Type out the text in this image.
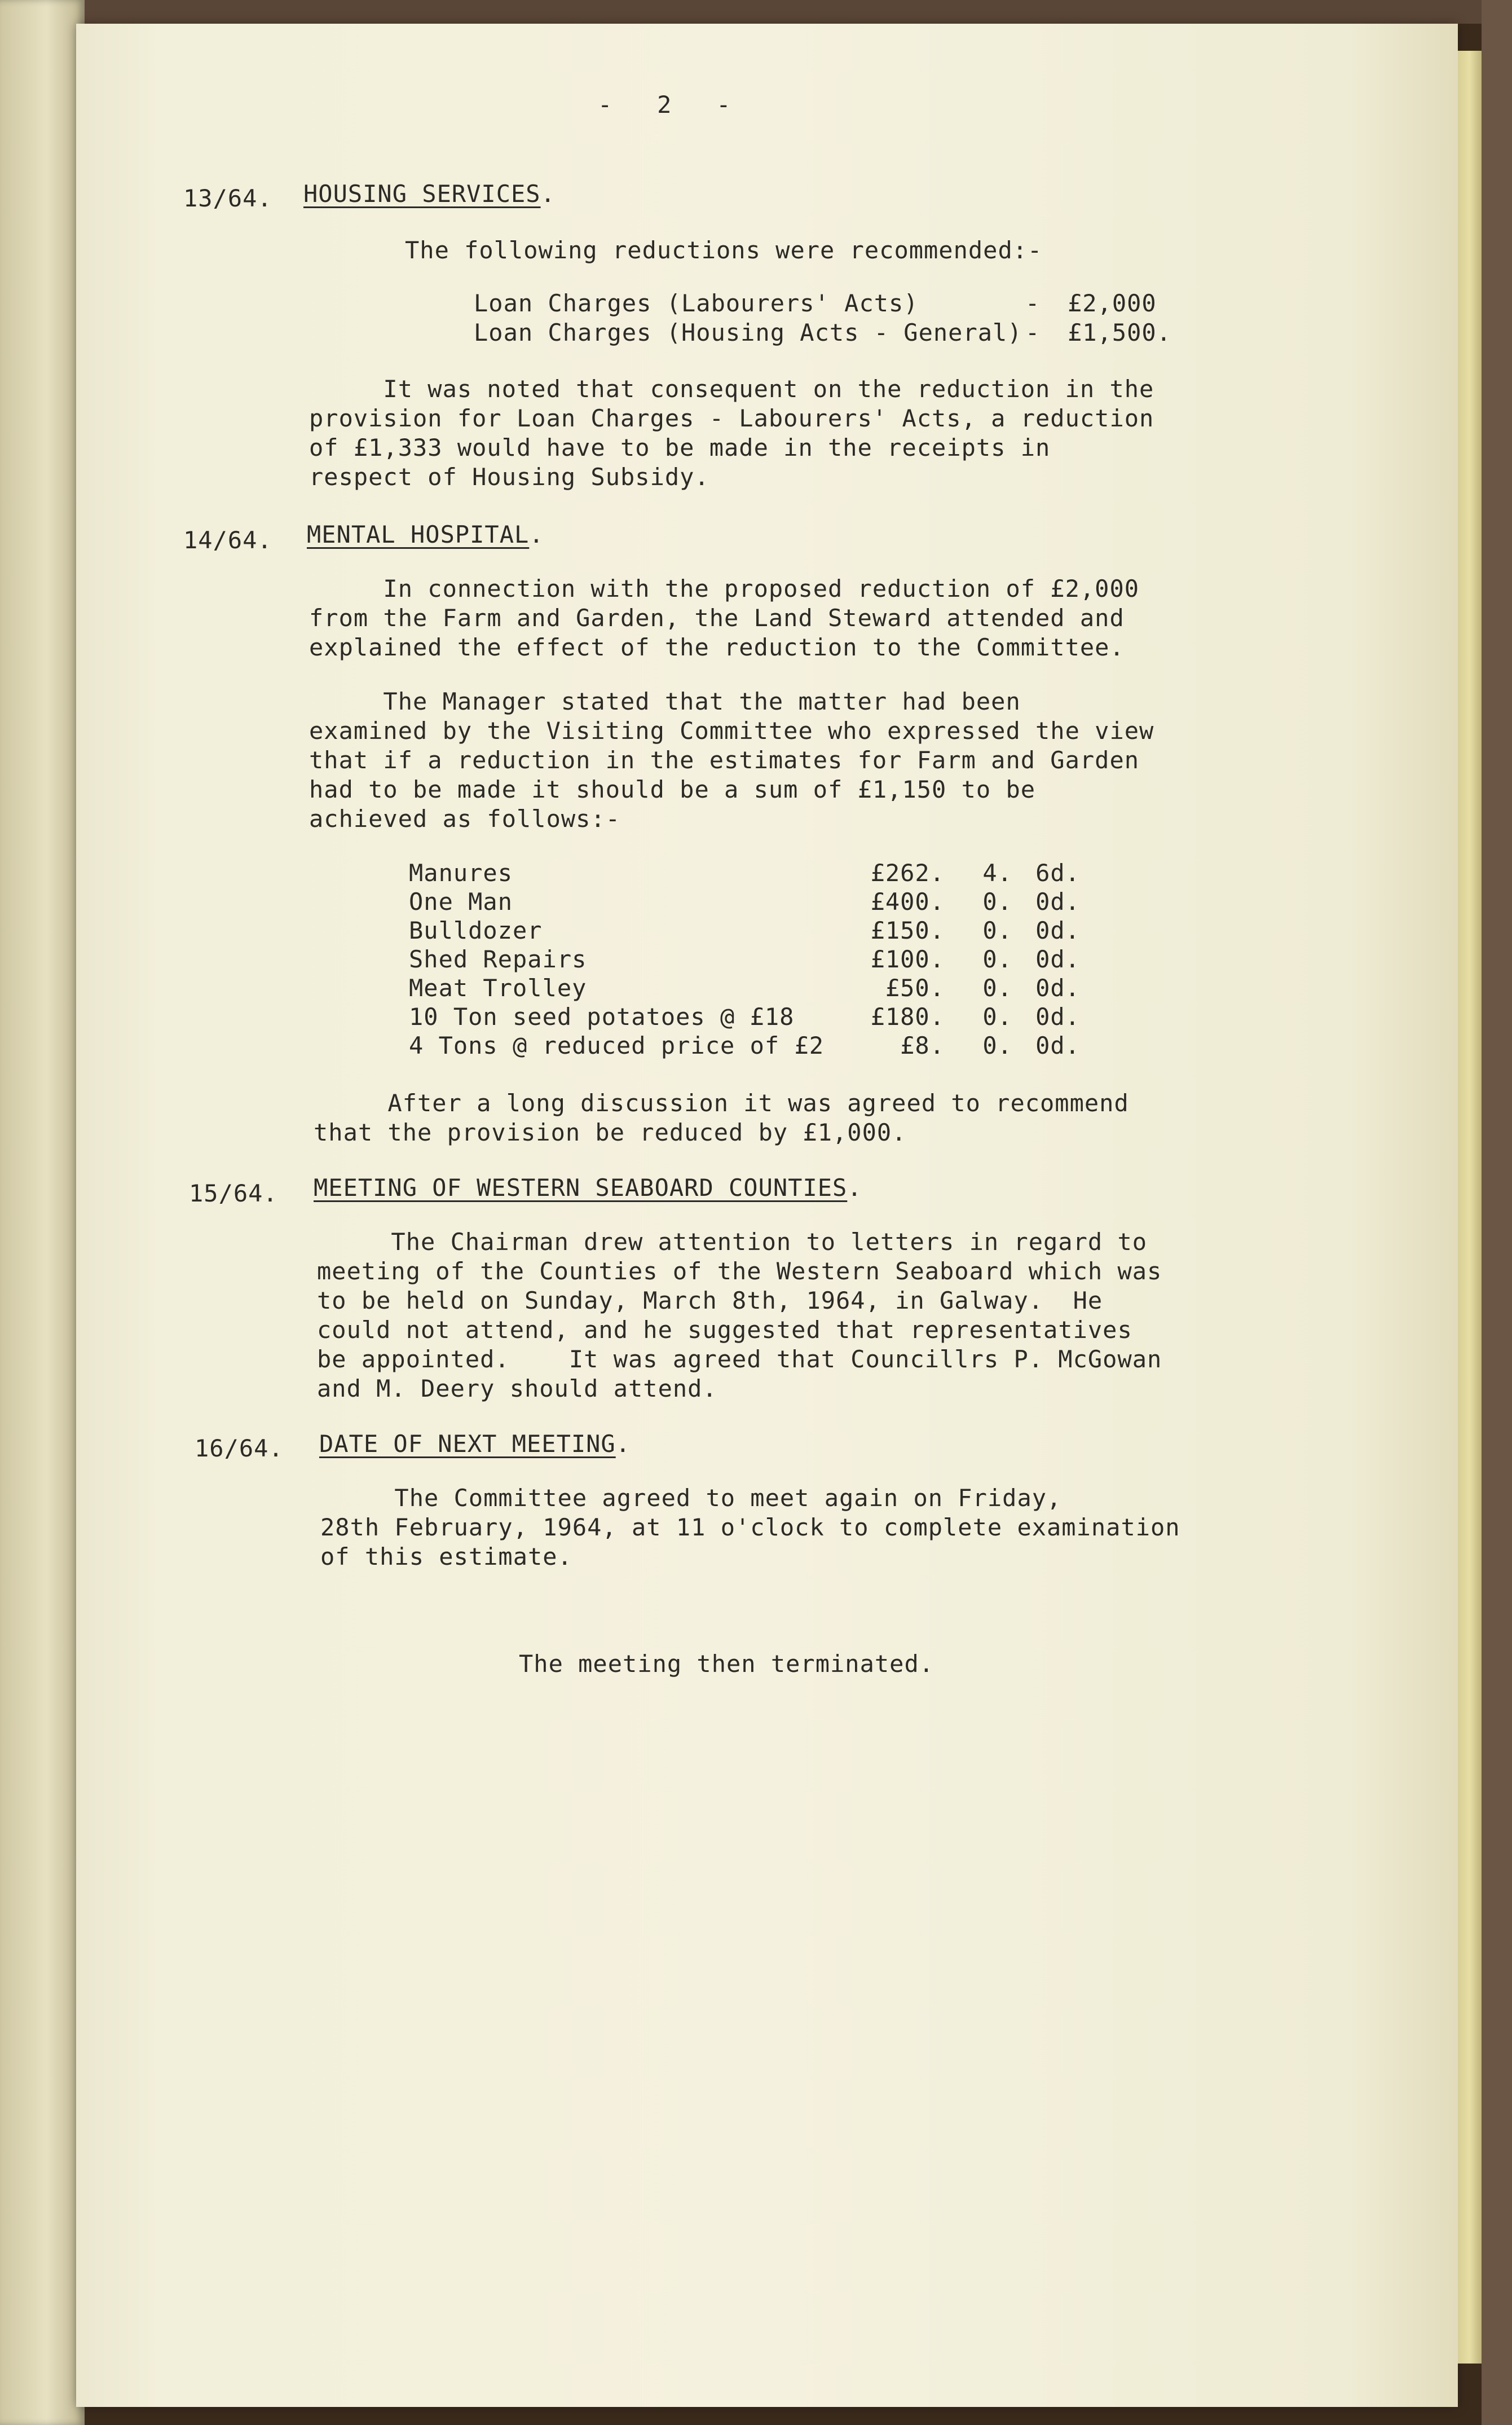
-   2   -
13/64. HOUSING SERVICES.
The following reductions were recommended:-
Loan Charges (Labourers' Acts)	- £2,000
Loan Charges (Housing Acts - General) - £1,500.
It was noted that consequent on the reduction in the
provision for Loan Charges - Labourers' Acts, a reduction
of £1,333 would have to be made in the receipts in
respect of Housing Subsidy.
14/64. MENTAL HOSPITAL.
In connection with the proposed reduction of £2,000
from the Farm and Garden, the Land Steward attended and
explained the effect of the reduction to the Committee.
The Manager stated that the matter had been
examined by the Visiting Committee who expressed the view
that if a reduction in the estimates for Farm and Garden
had to be made it should be a sum of £1,150 to be
achieved as follows:-
Manures	£262.	4.	6d.
One Man	£400.	0.	0d.
Bulldozer	£150.	0.	0d.
Shed Repairs	£100.	0.	0d.
Meat Trolley	£50.	0.	0d.
10 Ton seed potatoes @ £18	£180.	0.	0d.
4 Tons @ reduced price of £2	£8.	0.	0d.
After a long discussion it was agreed to recommend
that the provision be reduced by £1,000.
15/64. MEETING OF WESTERN SEABOARD COUNTIES.
The Chairman drew attention to letters in regard to
meeting of the Counties of the Western Seaboard which was
to be held on Sunday, March 8th, 1964, in Galway.  He
could not attend, and he suggested that representatives
be appointed.    It was agreed that Councillrs P. McGowan
and M. Deery should attend.
16/64. DATE OF NEXT MEETING.
The Committee agreed to meet again on Friday,
28th February, 1964, at 11 o'clock to complete examination
of this estimate.
The meeting then terminated.
